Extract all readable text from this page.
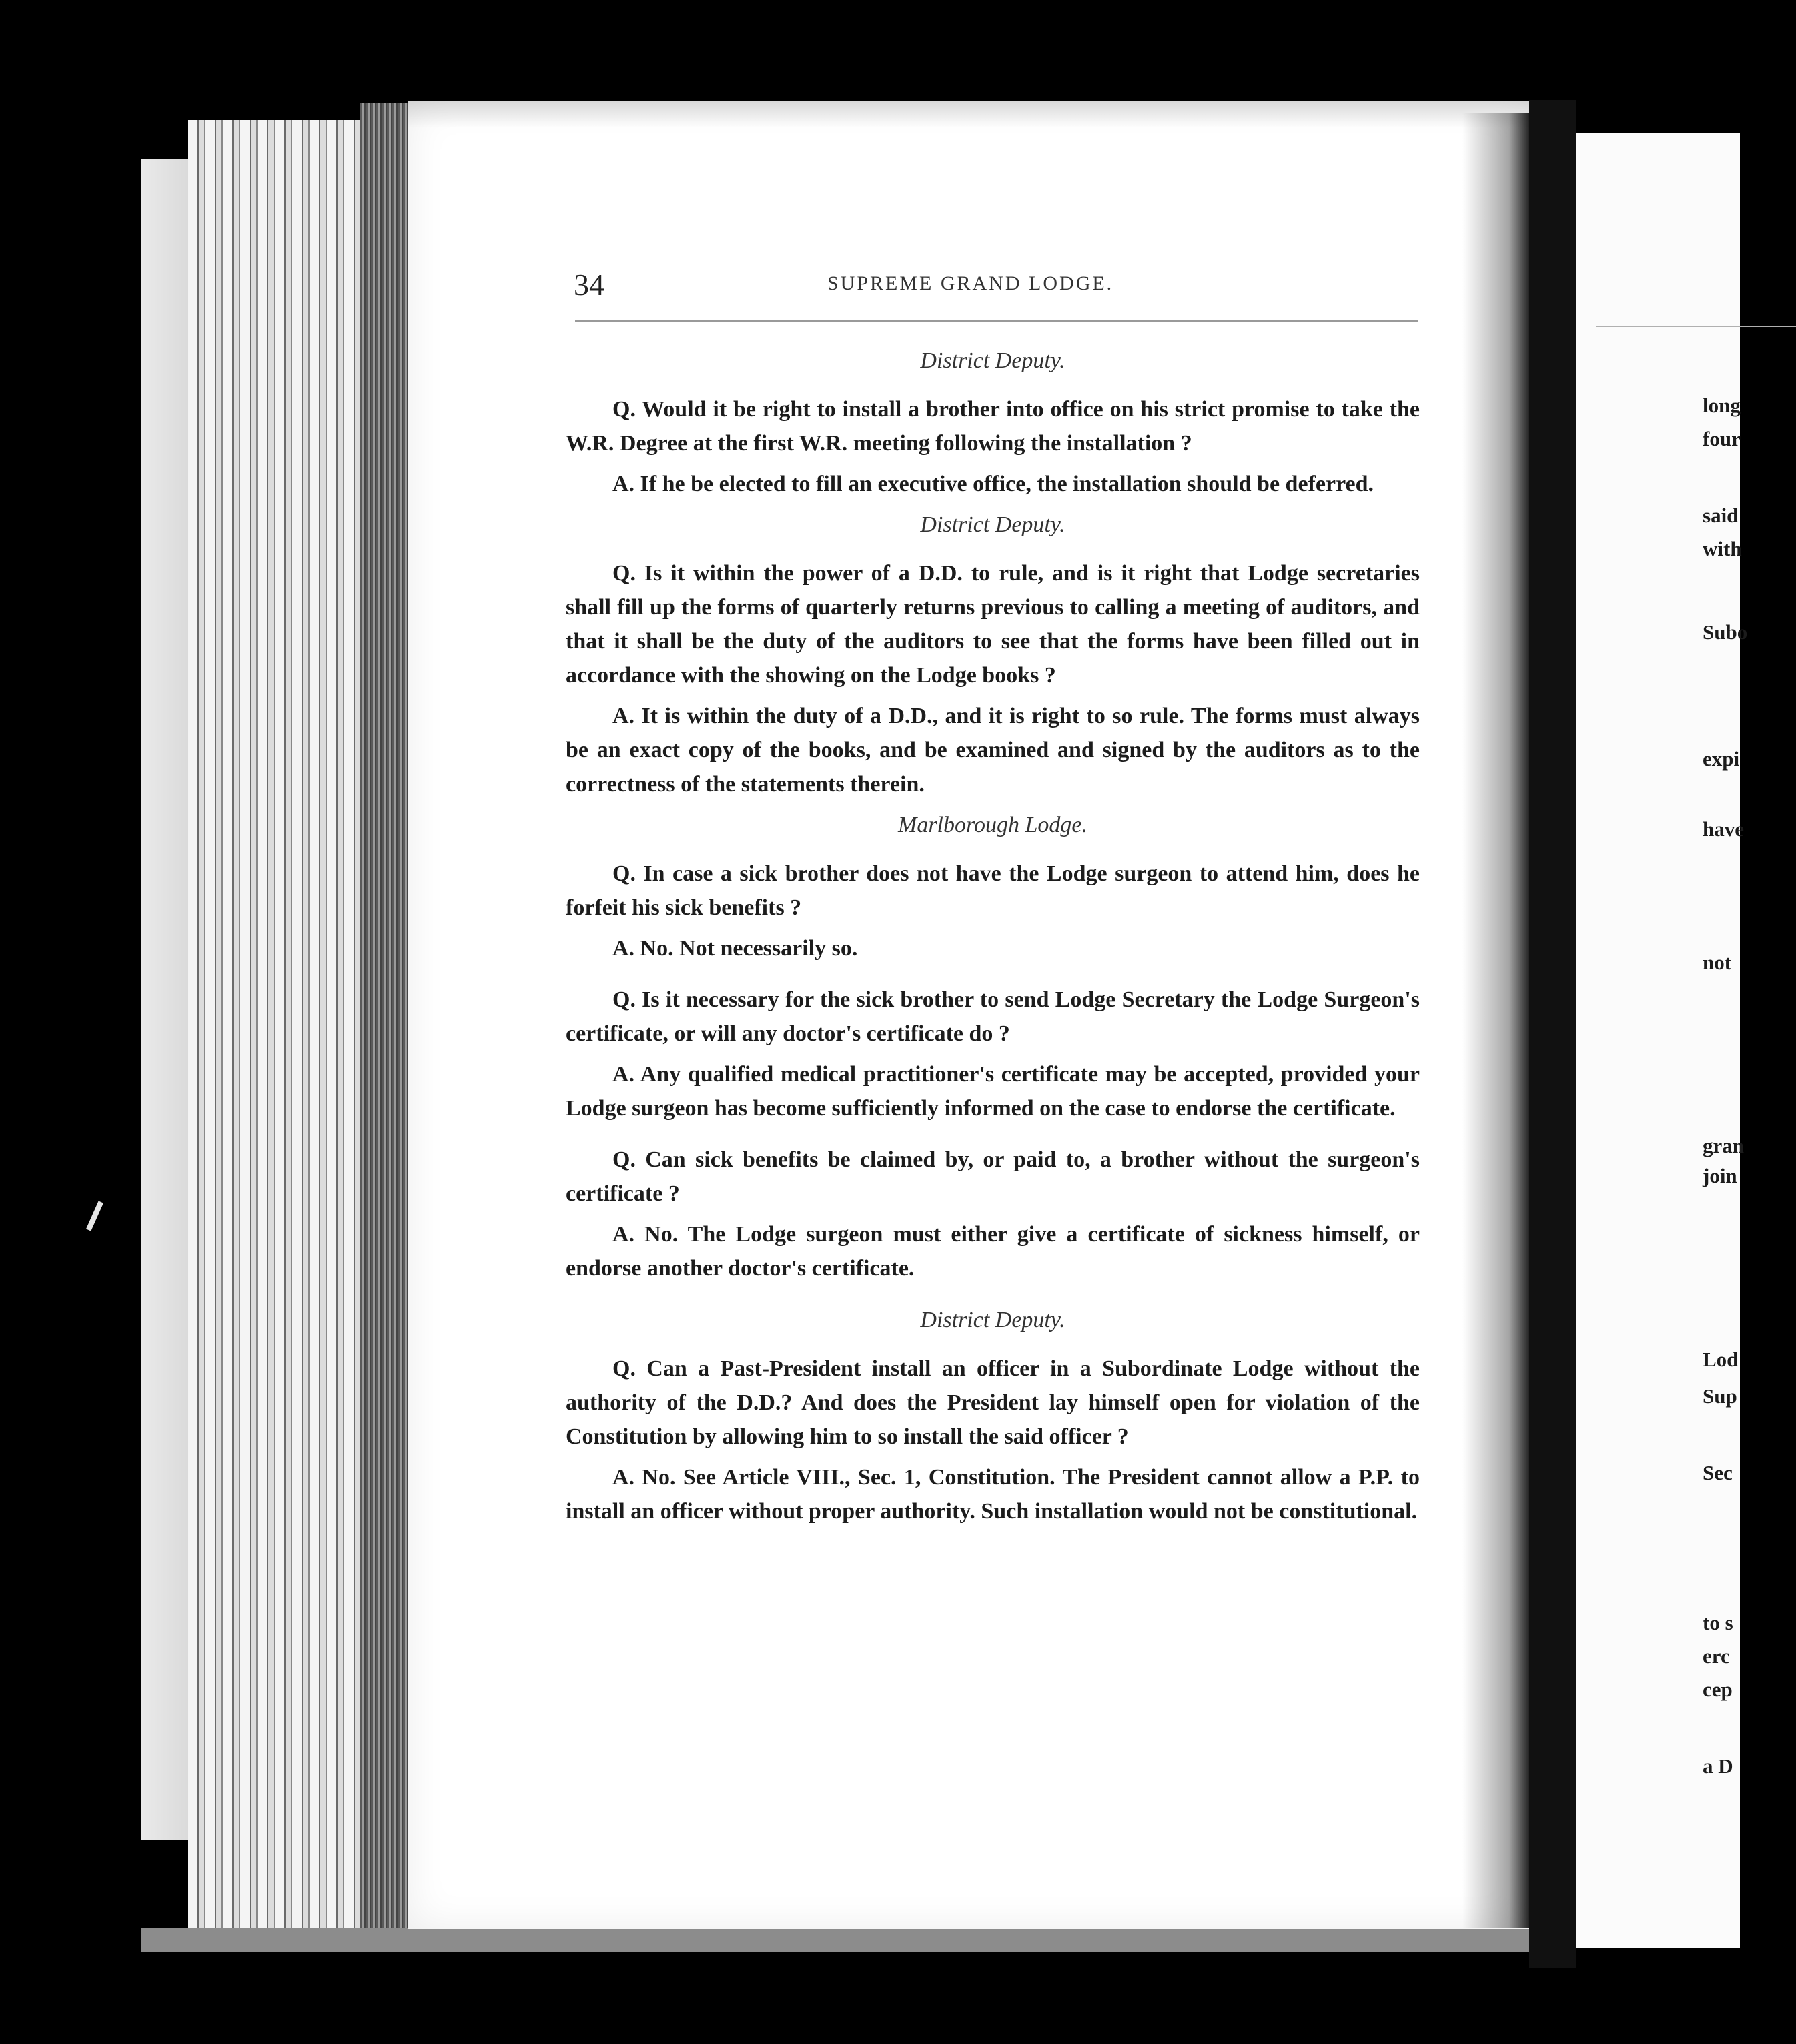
34	SUPREME GRAND LODGE.
District Deputy.

Q. Would it be right to install a brother into office on his strict promise to take the W.R. Degree at the first W.R. meeting following the installation ?

A. If he be elected to fill an executive office, the installation should be deferred.

District Deputy.

Q. Is it within the power of a D.D. to rule, and is it right that Lodge secretaries shall fill up the forms of quarterly returns previous to calling a meeting of auditors, and that it shall be the duty of the auditors to see that the forms have been filled out in accordance with the showing on the Lodge books ?

A. It is within the duty of a D.D., and it is right to so rule. The forms must always be an exact copy of the books, and be examined and signed by the auditors as to the correctness of the statements therein.

Marlborough Lodge.

Q. In case a sick brother does not have the Lodge surgeon to attend him, does he forfeit his sick benefits ?

A. No. Not necessarily so.

Q. Is it necessary for the sick brother to send Lodge Secretary the Lodge Surgeon's certificate, or will any doctor's certificate do ?

A. Any qualified medical practitioner's certificate may be accepted, provided your Lodge surgeon has become sufficiently informed on the case to endorse the certificate.

Q. Can sick benefits be claimed by, or paid to, a brother without the surgeon's certificate ?

A. No. The Lodge surgeon must either give a certificate of sickness himself, or endorse another doctor's certificate.

District Deputy.

Q. Can a Past-President install an officer in a Subordinate Lodge without the authority of the D.D.? And does the President lay himself open for violation of the Constitution by allowing him to so install the said officer ?

A. No. See Article VIII., Sec. 1, Constitution. The President cannot allow a P.P. to install an officer without proper authority. Such installation would not be constitutional.

long
four
said
with
Subo
expi
have
not
gran
join
Lod
Sup
Sec
to s
erc
cep
a D
